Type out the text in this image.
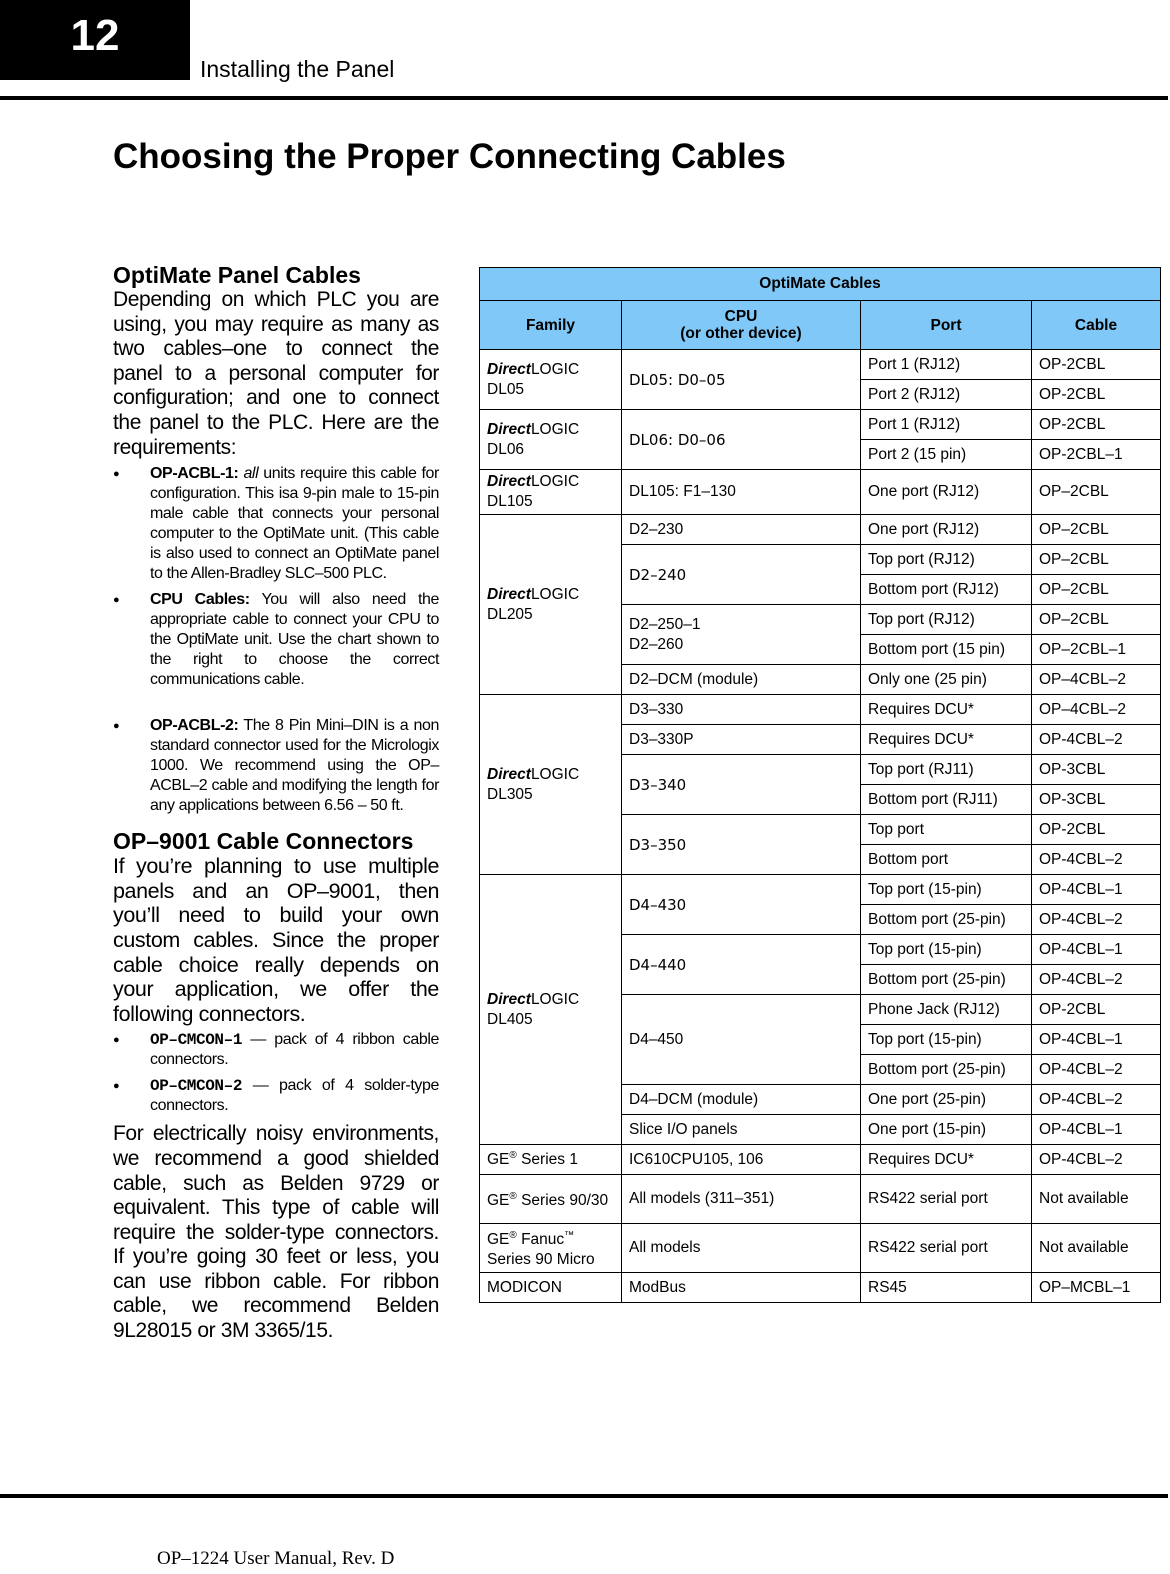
12
Installing the Panel
Choosing the Proper Connecting Cables
OptiMate Panel Cables

Depending on which PLC you are using, you may require as many as two cables–one to connect the panel to a personal computer for configuration; and one to connect the panel to the PLC. Here are the requirements:

● OP-ACBL-1: all units require this cable for configuration. This isa 9-pin male to 15-pin male cable that connects your personal computer to the OptiMate unit. (This cable is also used to connect an OptiMate panel to the Allen-Bradley SLC–500 PLC.
● CPU Cables: You will also need the appropriate cable to connect your CPU to the OptiMate unit. Use the chart shown to the right to choose the correct communications cable.
● OP-ACBL-2: The 8 Pin Mini–DIN is a non standard connector used for the Micrologix 1000. We recommend using the OP–ACBL–2 cable and modifying the length for any applications between 6.56 – 50 ft.
OP–9001 Cable Connectors

If you’re planning to use multiple panels and an OP–9001, then you’ll need to build your own custom cables. Since the proper cable choice really depends on your application, we offer the following connectors.

● OP–CMCON–1 — pack of 4 ribbon cable connectors.
● OP–CMCON–2 — pack of 4 solder-type connectors.

For electrically noisy environments, we recommend a good shielded cable, such as Belden 9729 or equivalent. This type of cable will require the solder-type connectors. If you’re going 30 feet or less, you can use ribbon cable. For ribbon cable, we recommend Belden 9L28015 or 3M 3365/15.

OptiMate Cables			
Family	CPU
(or other device)	Port	Cable
DirectLOGIC
DL05	DL05: D0–05	Port 1 (RJ12)	OP-2CBL
		Port 2 (RJ12)	OP-2CBL
DirectLOGIC
DL06	DL06: D0–06	Port 1 (RJ12)	OP-2CBL
		Port 2 (15 pin)	OP-2CBL–1
DirectLOGIC
DL105	DL105: F1–130	One port (RJ12)	OP–2CBL
DirectLOGIC
DL205	D2–230	One port (RJ12)	OP–2CBL
	D2–240	Top port (RJ12)	OP–2CBL
		Bottom port (RJ12)	OP–2CBL
	D2–250–1
D2–260	Top port (RJ12)	OP–2CBL
		Bottom port (15 pin)	OP–2CBL–1
	D2–DCM (module)	Only one (25 pin)	OP–4CBL–2
DirectLOGIC
DL305	D3–330	Requires DCU*	OP–4CBL–2
	D3–330P	Requires DCU*	OP-4CBL–2
	D3–340	Top port (RJ11)	OP-3CBL
		Bottom port (RJ11)	OP-3CBL
	D3–350	Top port	OP-2CBL
		Bottom port	OP-4CBL–2
DirectLOGIC
DL405	D4–430	Top port (15-pin)	OP-4CBL–1
		Bottom port (25-pin)	OP-4CBL–2
	D4–440	Top port (15-pin)	OP-4CBL–1
		Bottom port (25-pin)	OP-4CBL–2
	D4–450	Phone Jack (RJ12)	OP-2CBL
		Top port (15-pin)	OP-4CBL–1
		Bottom port (25-pin)	OP-4CBL–2
	D4–DCM (module)	One port (25-pin)	OP-4CBL–2
	Slice I/O panels	One port (15-pin)	OP-4CBL–1
GE® Series 1	IC610CPU105, 106	Requires DCU*	OP-4CBL–2
GE® Series 90/30	All models (311–351)	RS422 serial port	Not available
GE® Fanuc™
Series 90 Micro	All models	RS422 serial port	Not available
MODICON	ModBus	RS45	OP–MCBL–1
OP–1224 User Manual, Rev. D
